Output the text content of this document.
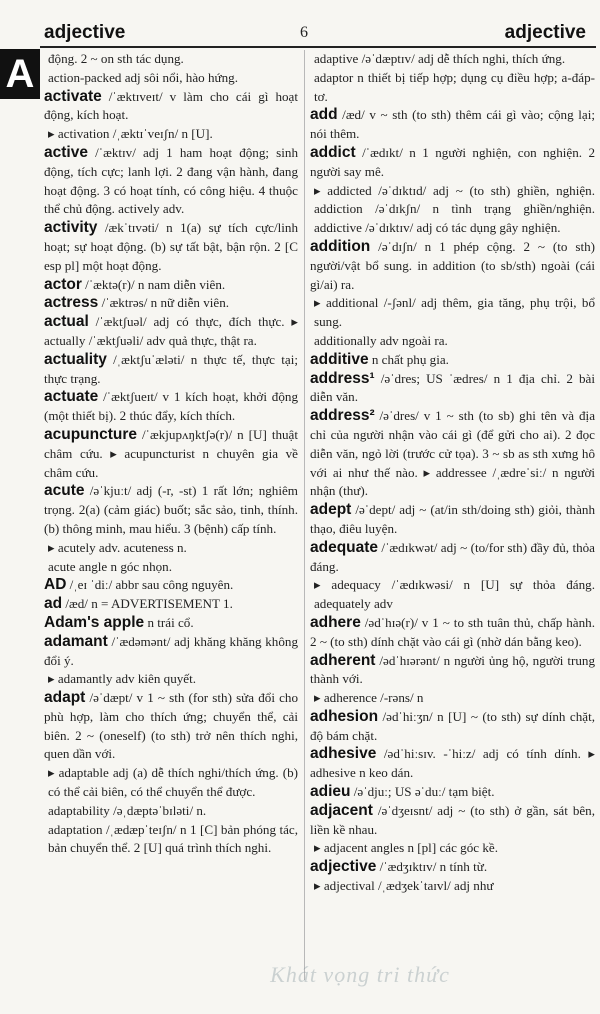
adjective	6	adjective
A	động. 2 ~ on sth tác dụng.

action-packed adj sôi nổi, hào hứng.

activate /ˈæktɪveɪt/ v làm cho cái gì hoạt động, kích hoạt.

▸ activation /ˌæktɪˈveɪʃn/ n [U].

active /ˈæktɪv/ adj 1 ham hoạt động; sinh động, tích cực; lanh lợi. 2 đang vận hành, đang hoạt động. 3 có hoạt tính, có công hiệu. 4 thuộc thể chủ động. actively adv.

activity /ækˈtɪvəti/ n 1(a) sự tích cực/linh hoạt; sự hoạt động. (b) sự tất bật, bận rộn. 2 [C esp pl] một hoạt động.

actor /ˈæktə(r)/ n nam diễn viên.

actress /ˈæktrəs/ n nữ diễn viên.

actual /ˈæktʃuəl/ adj có thực, đích thực. ▸ actually /ˈæktʃuəli/ adv quả thực, thật ra.

actuality /ˌæktʃuˈæləti/ n thực tế, thực tại; thực trạng.

actuate /ˈæktʃueɪt/ v 1 kích hoạt, khởi động (một thiết bị). 2 thúc đẩy, kích thích.

acupuncture /ˈækjupʌŋktʃə(r)/ n [U] thuật châm cứu. ▸ acupuncturist n chuyên gia về châm cứu.

acute /əˈkjuːt/ adj (-r, -st) 1 rất lớn; nghiêm trọng. 2(a) (cảm giác) buốt; sắc sảo, tinh, thính. (b) thông minh, mau hiểu. 3 (bệnh) cấp tính.

▸ acutely adv. acuteness n.

acute angle n góc nhọn.

AD /ˌeɪ ˈdiː/ abbr sau công nguyên.

ad /æd/ n = ADVERTISEMENT 1.

Adam's apple n trái cổ.

adamant /ˈædəmənt/ adj khăng khăng không đổi ý.

▸ adamantly adv kiên quyết.

adapt /əˈdæpt/ v 1 ~ sth (for sth) sửa đổi cho phù hợp, làm cho thích ứng; chuyển thể, cải biên. 2 ~ (oneself) (to sth) trở nên thích nghi, quen dần với.

▸ adaptable adj (a) dễ thích nghi/thích ứng. (b) có thể cải biên, có thể chuyển thể được.

adaptability /əˌdæptəˈbɪləti/ n.

adaptation /ˌædæpˈteɪʃn/ n 1 [C] bản phóng tác, bản chuyển thể. 2 [U] quá trình thích nghi.

adaptive /əˈdæptɪv/ adj dễ thích nghi, thích ứng.

adaptor n thiết bị tiếp hợp; dụng cụ điều hợp; a-đáp-tơ.

add /æd/ v ~ sth (to sth) thêm cái gì vào; cộng lại; nói thêm.

addict /ˈædɪkt/ n 1 người nghiện, con nghiện. 2 người say mê.

▸ addicted /əˈdɪktɪd/ adj ~ (to sth) ghiền, nghiện. addiction /əˈdɪkʃn/ n tình trạng ghiền/nghiện. addictive /əˈdɪktɪv/ adj có tác dụng gây nghiện.

addition /əˈdɪʃn/ n 1 phép cộng. 2 ~ (to sth) người/vật bổ sung. in addition (to sb/sth) ngoài (cái gì/ai) ra.

▸ additional /-ʃənl/ adj thêm, gia tăng, phụ trội, bổ sung.

additionally adv ngoài ra.

additive n chất phụ gia.

address¹ /əˈdres; US ˈædres/ n 1 địa chỉ. 2 bài diễn văn.

address² /əˈdres/ v 1 ~ sth (to sb) ghi tên và địa chỉ của người nhận vào cái gì (để gửi cho ai). 2 đọc diễn văn, ngỏ lời (trước cử tọa). 3 ~ sb as sth xưng hô với ai như thế nào. ▸ addressee /ˌædreˈsiː/ n người nhận (thư).

adept /əˈdept/ adj ~ (at/in sth/doing sth) giỏi, thành thạo, điêu luyện.

adequate /ˈædɪkwət/ adj ~ (to/for sth) đầy đủ, thỏa đáng.

▸ adequacy /ˈædɪkwəsi/ n [U] sự thỏa đáng. adequately adv

adhere /ədˈhɪə(r)/ v 1 ~ to sth tuân thủ, chấp hành. 2 ~ (to sth) dính chặt vào cái gì (nhờ dán bằng keo).

adherent /ədˈhɪərənt/ n người ủng hộ, người trung thành với.

▸ adherence /-rəns/ n

adhesion /ədˈhiːʒn/ n [U] ~ (to sth) sự dính chặt, độ bám chặt.

adhesive /ədˈhiːsɪv. -ˈhiːz/ adj có tính dính. ▸ adhesive n keo dán.

adieu /əˈdjuː; US əˈduː/ tạm biệt.

adjacent /əˈdʒeɪsnt/ adj ~ (to sth) ở gần, sát bên, liền kề nhau.

▸ adjacent angles n [pl] các góc kề.

adjective /ˈædʒɪktɪv/ n tính từ.

▸ adjectival /ˌædʒekˈtaɪvl/ adj như

Khát vọng tri thức
